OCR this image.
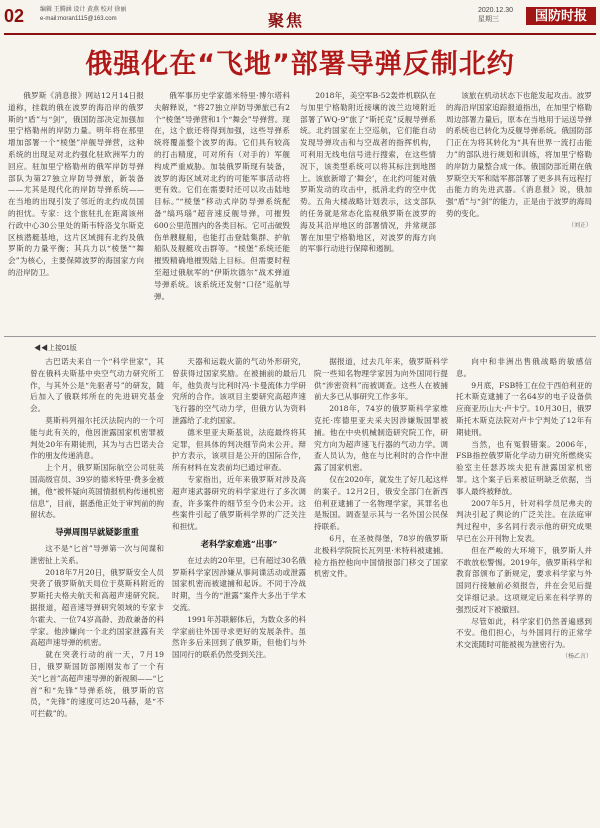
02	编辑 王腾涵 设计 黄燕 校对 徐丽
e-mail:moran1115@163.com	聚焦
2020.12.30
星期三	国防时报
俄强化在“飞地”部署导弹反制北约

俄罗斯《消息报》网站12月14日报道称，挂载的俄在波罗的海沿岸的俄罗斯的“盾”与“剑”，俄国防部决定加强加里宁格勒州的岸防力量。明年将在那里增加部署一个“棱堡”岸舰导弹营，这种系统的出现足对北约强化驻欧洲军力的回应。驻加里宁格勒州的俄军岸防导弹部队为第27独立岸防导弹旅，新装备——尤其是现代化的岸防导弹系统——在当地的出现引发了邻近的北约成员国的担忧。专家：这个旅驻扎在距离该州行政中心30公里处的斯韦特洛戈尔斯克区核潜艇基地，这片区域拥有北约及俄罗斯的力量平衡；其兵力以“棱堡”“舞会”为核心，主要保障波罗的海国家方向的沿岸防卫。

俄军事历史学家德米特里·博尔塔科夫解释说，“将27独立岸防导弹旅已有2个“棱堡”导弹营和1个“舞会”导弹营。现在，这个旅还将得到加强，这些导弹系统将覆盖整个波罗的海。它们具有较高的打击精度，可对所有（对手的）军舰构成严重威胁。加装俄罗斯现有装备，波罗的海区域对北约的可能军事活动将更有效。它们在需要时还可以攻击陆地目标。”“棱堡”移动式岸防导弹系统配备“缟玛瑙”超音速反舰导弹，可摧毁600公里范围内的各类目标。它可击破毁伤单艘舰船，也能打击登陆集群、护航船队及舰艇攻击群等。“棱堡”系统还能摧毁精确地摧毁陆上目标。但需要时程至超过俄航军的“伊斯坎德尔”战术弹道导弹系统。该系统还发射“口径”巡航导弹。

2018年，美空军B-52轰炸机联队在与加里宁格勒附近接壤的波兰边境附近部署了WQ-9”旅了“斯托克”反舰导弹系统。北约国家在上空巡航，它们能自动发现导弹攻击和与空战者的指挥机构，可利用无线电信号进行搜索，在这些情况下，该类型系统可以将其标注到地图上。该旅新增了‘舞会’，在北约可能对俄罗斯发动的攻击中，抵消北约的空中优势。五角大楼战略计划表示，这支部队的任务就是常态化监视俄罗斯在波罗的海及其沿岸地区的部署情况，并常规部署在加里宁格勒地区，对波罗的海方向的军事行动进行保障和遏制。

该旅在机动状态下也能发起攻击。波罗的海沿岸国家追踪报道指出，在加里宁格勒周边部署力量后，原本在当地用于运送导弹的系统也已转化为反舰导弹系统。俄国防部门正在为将其转化为“具有世界一流打击能力”的部队进行规划和训练，将加里宁格勒的岸防力量整合成一体。俄国防部近期在俄罗斯空天军和陆军都部署了更多具有远程打击能力的先进武器。《消息报》说，俄加强“盾”与“剑”的能力，正是由于波罗的海局势的变化。

（刘正）
◀◀上接01版

古巴诺夫来自一个“科学世家”，其曾在俄科夫斯基中央空气动力研究所工作，与其外公是“先驱者号”的研发，随后加入了俄联邦所在的先进研究基金会。

莫斯科列福尔托沃法院内的一个可能与此有关的，他因泄露国家机密罪被判处20年有期徒刑，其为与古巴诺夫合作的朋友传递消息。

上个月，俄罗斯国际航空公司驻英国高级官员、39岁的德米特里·费多金被捕，他“被怀疑向英国情报机构传递机密信息”，目前，据悉他正处于审判前的拘留状态。

导弹周围早就疑影重重

这不是“匕首”导弹第一次与间谍和泄密扯上关系。

2018年7月20日，俄罗斯安全人员突袭了俄罗斯航天局位于莫斯科附近的罗斯托夫格夫航天和高超声速研究院。据报道，超音速导弹研究领域的专家卡尔霍夫、一位74岁高龄、劲敌兼备的科学家。他涉嫌向一个北约国家泄露有关高超声速导弹的机密。

就在突袭行动的前一天，7月19日，俄罗斯国防部刚刚发布了一个有关“匕首”高超声速导弹的新视频——“匕首”和“先锋”导弹系统，俄罗斯的官员，“先锋”的速度可达20马赫，是“不可拦截”的。

天器和运载火箭的气动外形研究，曾获得过国家奖励。在被捕前的最后几年，他负责与比利时冯·卡曼流体力学研究所的合作。该项目主要研究高超声速飞行器的空气动力学，但俄方认为资料泄露给了北约国家。

德米里亚夫斯基说，法庭最终将其定罪，但具体的判决细节尚未公开。辩护方表示，该项目是公开的国际合作，所有材料在发表前均已通过审查。

专家指出，近年来俄罗斯对涉及高超声速武器研究的科学家进行了多次调查，许多案件的细节至今仍未公开。这些案件引起了俄罗斯科学界的广泛关注和担忧。

老科学家难逃“出事”

在过去的20年里，已有超过30名俄罗斯科学家因涉嫌从事间谍活动或泄露国家机密而被逮捕和起诉。不同于冷战时期，当今的“泄露”案件大多出于学术交流。

1991年苏联解体后，为数众多的科学家前往外国寻求更好的发展条件。虽然许多后来回到了俄罗斯，但他们与外国同行的联系仍然受到关注。

据报道，过去几年来，俄罗斯科学院一些知名物理学家因为向外国同行提供“涉密资料”而被调查。这些人在被捕前大多已从事研究工作多年。

2018年，74岁的俄罗斯科学家维克托·库德里亚夫采夫因涉嫌叛国罪被捕。他在中央机械制造研究院工作，研究方向为超声速飞行器的气动力学。调查人员认为，他在与比利时的合作中泄露了国家机密。

仅在2020年，就发生了好几起这样的案子。12月2日，俄安全部门在新西伯利亚逮捕了一名物理学家，其罪名也是叛国。调查显示其与一名外国公民保持联系。

6月，在圣彼得堡，78岁的俄罗斯北极科学院院长瓦列里·米特科被逮捕。检方指控他向中国情报部门移交了国家机密文件。

向中和非洲出售俄战略的敏感信息。

9月底，FSB特工在位于西伯利亚的托木斯克逮捕了一名64岁的电子设备供应商亚历山大·卢卡宁。10月30日，俄罗斯托木斯克法院对卢卡宁判处了12年有期徒刑。

当然，也有冤假错案。2006年，FSB指控俄罗斯化学动力研究所燃烧实验室主任瑟苏埃夫犯有泄露国家机密罪。这个案子后来被证明缺乏依据，当事人最终被释放。

2007年5月，针对科学员尼弗夫的判决引起了舆论的广泛关注。在法庭审判过程中，多名同行表示他的研究成果早已在公开刊物上发表。

但在严峻的大环境下，俄罗斯人并不敢放松警惕。2019年，俄罗斯科学和教育部颁布了新规定，要求科学家与外国同行接触前必须报告，并在会见后提交详细记录。这项规定后来在科学界的强烈反对下被撤回。

尽管如此，科学家们仍然普遍感到不安。他们担心，与外国同行的正常学术交流随时可能被视为泄密行为。

（杨乙言）
